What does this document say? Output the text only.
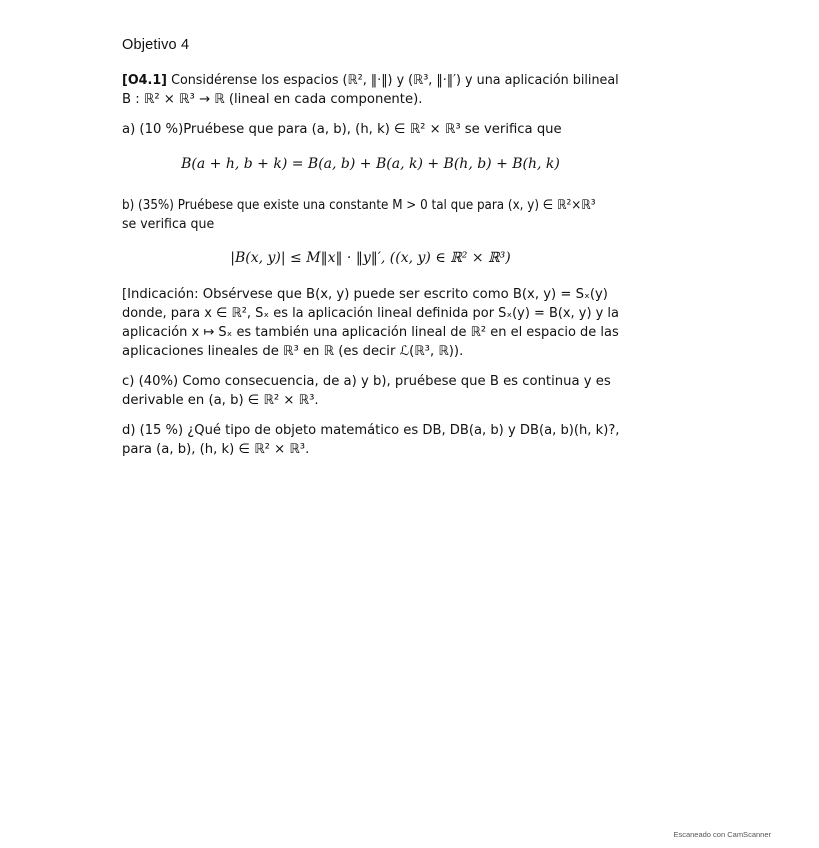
Objetivo 4
[O4.1] Considérense los espacios (ℝ², ‖·‖) y (ℝ³, ‖·‖′) y una aplicación bilineal
B : ℝ² × ℝ³ → ℝ (lineal en cada componente).
a) (10 %)Pruébese que para (a, b), (h, k) ∈ ℝ² × ℝ³ se verifica que
B(a + h, b + k) = B(a, b) + B(a, k) + B(h, b) + B(h, k)
b) (35%) Pruébese que existe una constante M > 0 tal que para (x, y) ∈ ℝ²×ℝ³
se verifica que
|B(x, y)| ≤ M‖x‖ · ‖y‖′, ((x, y) ∈ ℝ² × ℝ³)
[Indicación: Obsérvese que B(x, y) puede ser escrito como B(x, y) = Sₓ(y)
donde, para x ∈ ℝ², Sₓ es la aplicación lineal definida por Sₓ(y) = B(x, y) y la
aplicación x ↦ Sₓ es también una aplicación lineal de ℝ² en el espacio de las
aplicaciones lineales de ℝ³ en ℝ (es decir ℒ(ℝ³, ℝ)).
c) (40%) Como consecuencia, de a) y b), pruébese que B es continua y es
derivable en (a, b) ∈ ℝ² × ℝ³.
d) (15 %) ¿Qué tipo de objeto matemático es DB, DB(a, b) y DB(a, b)(h, k)?,
para (a, b), (h, k) ∈ ℝ² × ℝ³.
Escaneado con CamScanner
